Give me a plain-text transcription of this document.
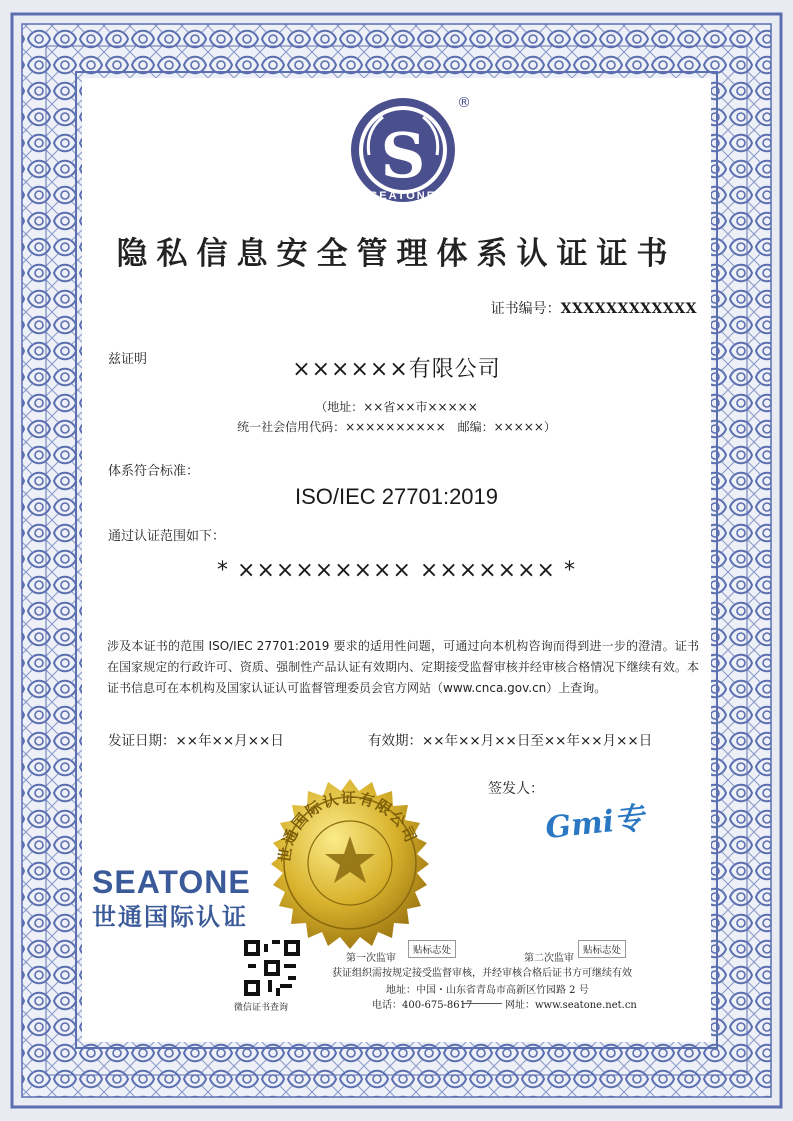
S
SEATONE
®
隐私信息安全管理体系认证证书
证书编号：XXXXXXXXXXXX
兹证明	××××××有限公司
（地址：××省××市×××××
统一社会信用代码：××××××××××　邮编：×××××）
体系符合标准：
ISO/IEC 27701:2019
通过认证范围如下：
* ××××××××× ××××××× *
涉及本证书的范围 ISO/IEC 27701:2019 要求的适用性问题，可通过向本机构咨询而得到进一步的澄清。证书在国家规定的行政许可、资质、强制性产品认证有效期内、定期接受监督审核并经审核合格情况下继续有效。本证书信息可在本机构及国家认证认可监督管理委员会官方网站（www.cnca.gov.cn）上查询。
发证日期：××年××月××日	有效期：××年××月××日至××年××月××日
签发人：
Gmi专
世通国际认证有限公司
SEATONE
世通国际认证
微信证书查询
第一次监审
贴标志处
第二次监审
贴标志处
获证组织需按规定接受监督审核，并经审核合格后证书方可继续有效
地址：中国・山东省青岛市高新区竹园路 2 号
电话：400-675-8617	网址：www.seatone.net.cn
